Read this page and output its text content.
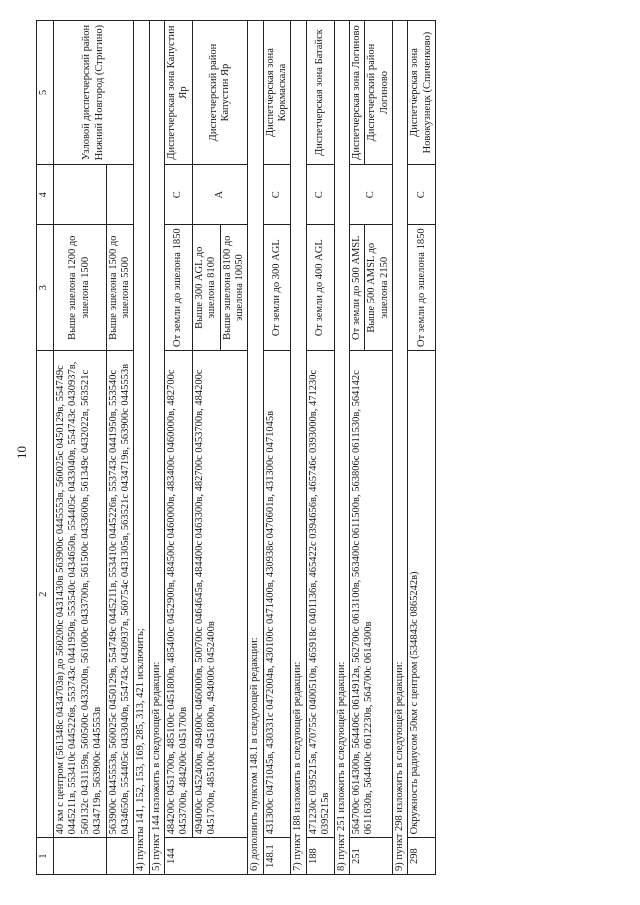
10
1	2	3	4	5
	40 км с центром (561348с 0434703в) до 560200с 0431430в 563900с 0445553в, 560025с 0450129в, 554749с 0445211в, 553410с 0445226в, 553743с 0441950в, 553540с 0434650в, 554405с 0433040в, 554743с 0430937в, 560132с 0431159в, 560500с 0433200в, 561000с 0433700в, 561500с 0433600в, 561349с 0432022в, 563521с 0434719в, 563900с 0445553в	Выше эшелона 1200 до эшелона 1500		Узловой диспетчерский район Нижний Новгород (Стригино)
	563900с 0445553в, 560025с 0450129в, 554749с 0445211в, 553410с 0445226в, 553743с 0441950в, 553540с 0434650в, 554405с 0433040в, 554743с 0430937в, 560754с 0431305в, 563521с 0434719в, 563900с 0445553в	Выше эшелона 1500 до эшелона 5500		
4) пункты 141, 152, 153, 169, 285, 313, 421 исключить;				
5) пункт 144 изложить в следующей редакции:				
144	484200с 0451700в, 485100с 0451800в, 485400с 0452900в, 484500с 0460000в, 483400с 0460000в, 482700с 0453700в, 484200с 0451700в	От земли до эшелона 1850	С	Диспетчерская зона Капустин Яр
	494000с 0452400в, 494000с 0460000в, 500700с 0464645в, 484400с 0463300в, 482700с 0453700в, 484200с 0451700в, 485100с 0451800в, 494000с 0452400в	Выше 300 AGL до эшелона 8100	А	Диспетчерский район Капустин Яр
		Выше эшелона 8100 до эшелона 10050		
6) дополнить пунктом 148.1 в следующей редакции:				
148.1	431300с 0471045в, 430331с 0472004в, 430100с 0471400в, 430938с 0470601в, 431300с 0471045в	От земли до 300 AGL	С	Диспетчерская зона Коркмаскала
7) пункт 188 изложить в следующей редакции:				
188	471230с 0395215в, 470755с 0400510в, 465918с 0401136в, 465422с 0394656в, 465746с 0393000в, 471230с 0395215в	От земли до 400 AGL	С	Диспетчерская зона Батайск
8) пункт 251 изложить в следующей редакции:				
251	564700с 0614300в, 564406с 0614912в, 562700с 0613100в, 563400с 0611500в, 563806с 0611530в, 564142с 0611630в, 564400с 0612230в, 564700с 0614300в	От земли до 500 AMSL	С	Диспетчерская зона Логиново
		Выше 500 AMSL до эшелона 2150		Диспетчерский район Логиново
9) пункт 298 изложить в следующей редакции:				
298	Окружность радиусом 50км с центром (534843с 0865242в)	От земли до эшелона 1850	С	Диспетчерская зона Новокузнецк (Спиченково)
